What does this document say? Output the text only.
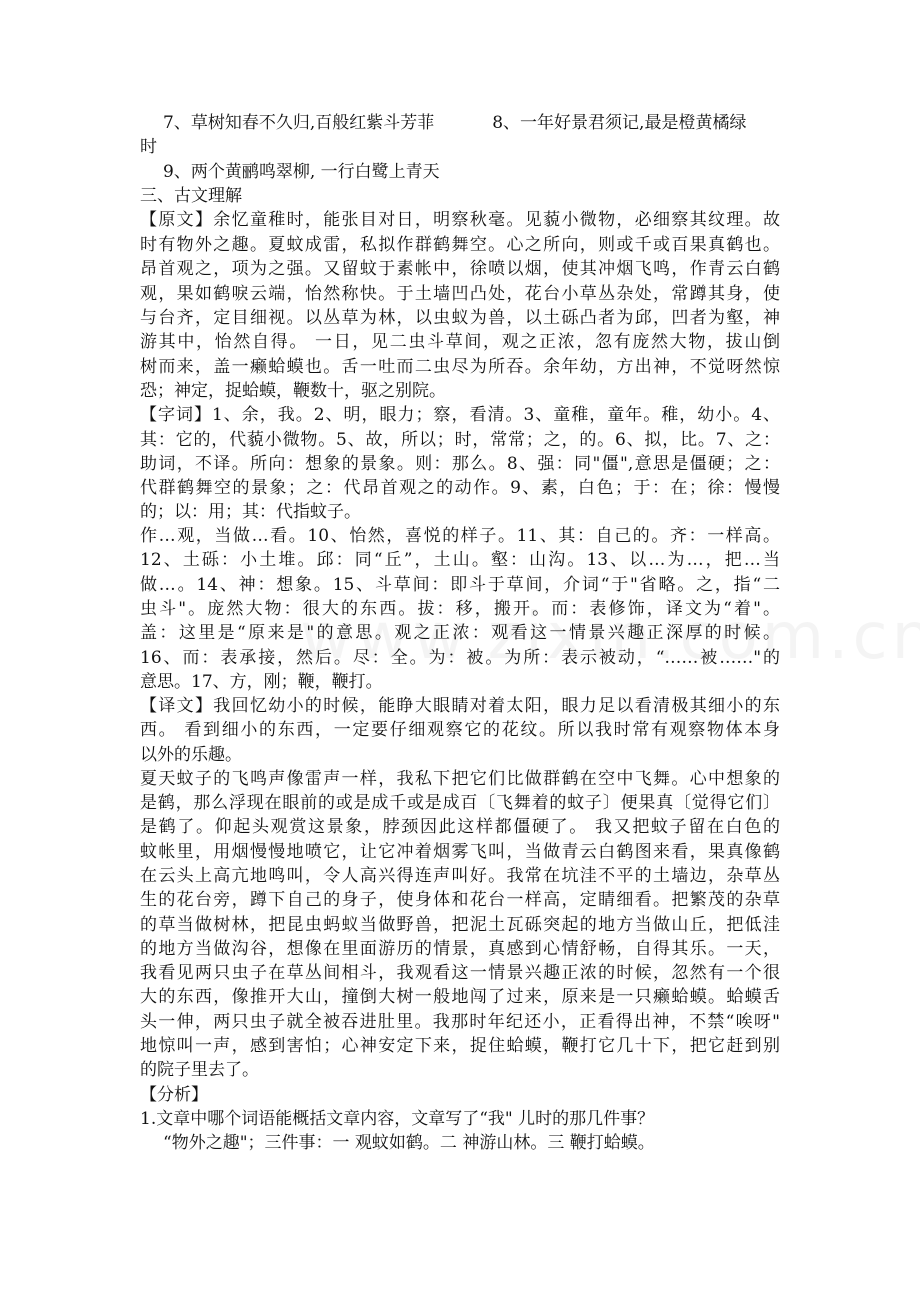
7、草树知春不久归,百般红紫斗芳菲	8、一年好景君须记,最是橙黄橘绿
时
9、两个黄鹂鸣翠柳, 一行白鹭上青天
三、古文理解
【原文】余忆童稚时，能张目对日，明察秋毫。见藐小微物，必细察其纹理。故
时有物外之趣。夏蚊成雷，私拟作群鹤舞空。心之所向，则或千或百果真鹤也。
昂首观之，项为之强。又留蚊于素帐中，徐喷以烟，使其冲烟飞鸣，作青云白鹤
观，果如鹤唳云端，怡然称快。于土墙凹凸处，花台小草丛杂处，常蹲其身，使
与台齐，定目细视。以丛草为林，以虫蚁为兽，以土砾凸者为邱，凹者为壑，神
游其中，怡然自得。 一日，见二虫斗草间，观之正浓，忽有庞然大物，拔山倒
树而来，盖一癞蛤蟆也。舌一吐而二虫尽为所吞。余年幼，方出神，不觉呀然惊
恐；神定，捉蛤蟆，鞭数十，驱之别院。
【字词】1、余，我。2、明，眼力；察，看清。3、童稚，童年。稚，幼小。4、
其：它的，代藐小微物。5、故，所以；时，常常；之，的。6、拟，比。7、之：
助词，不译。所向：想象的景象。则：那么。8、强：同"僵",意思是僵硬；之：
代群鹤舞空的景象；之：代昂首观之的动作。9、素，白色；于：在；徐：慢慢
的；以：用；其：代指蚊子。
作…观，当做…看。10、怡然，喜悦的样子。11、其：自己的。齐：一样高。
12、土砾：小土堆。邱：同“丘”，土山。壑：山沟。13、以…为…，把…当
做…。14、神：想象。15、斗草间：即斗于草间，介词“于"省略。之，指“二
虫斗"。庞然大物：很大的东西。拔：移，搬开。而：表修饰，译文为“着"。
盖：这里是“原来是"的意思。观之正浓：观看这一情景兴趣正深厚的时候。
16、而：表承接，然后。尽：全。为：被。为所：表示被动，“……被……"的
意思。17、方，刚；鞭，鞭打。
【译文】我回忆幼小的时候，能睁大眼睛对着太阳，眼力足以看清极其细小的东
西。 看到细小的东西，一定要仔细观察它的花纹。所以我时常有观察物体本身
以外的乐趣。
夏天蚊子的飞鸣声像雷声一样，我私下把它们比做群鹤在空中飞舞。心中想象的
是鹤，那么浮现在眼前的或是成千或是成百〔飞舞着的蚊子〕便果真〔觉得它们〕
是鹤了。仰起头观赏这景象，脖颈因此这样都僵硬了。 我又把蚊子留在白色的
蚊帐里，用烟慢慢地喷它，让它冲着烟雾飞叫，当做青云白鹤图来看，果真像鹤
在云头上高亢地鸣叫，令人高兴得连声叫好。我常在坑洼不平的土墙边，杂草丛
生的花台旁，蹲下自己的身子，使身体和花台一样高，定睛细看。把繁茂的杂草
的草当做树林，把昆虫蚂蚁当做野兽，把泥土瓦砾突起的地方当做山丘，把低洼
的地方当做沟谷，想像在里面游历的情景，真感到心情舒畅，自得其乐。一天，
我看见两只虫子在草丛间相斗，我观看这一情景兴趣正浓的时候，忽然有一个很
大的东西，像推开大山，撞倒大树一般地闯了过来，原来是一只癞蛤蟆。蛤蟆舌
头一伸，两只虫子就全被吞进肚里。我那时年纪还小，正看得出神，不禁“唉呀"
地惊叫一声，感到害怕；心神安定下来，捉住蛤蟆，鞭打它几十下，把它赶到别
的院子里去了。
【分析】
1.文章中哪个词语能概括文章内容，文章写了“我" 儿时的那几件事？
“物外之趣"；三件事：一 观蚊如鹤。二 神游山林。三 鞭打蛤蟆。
